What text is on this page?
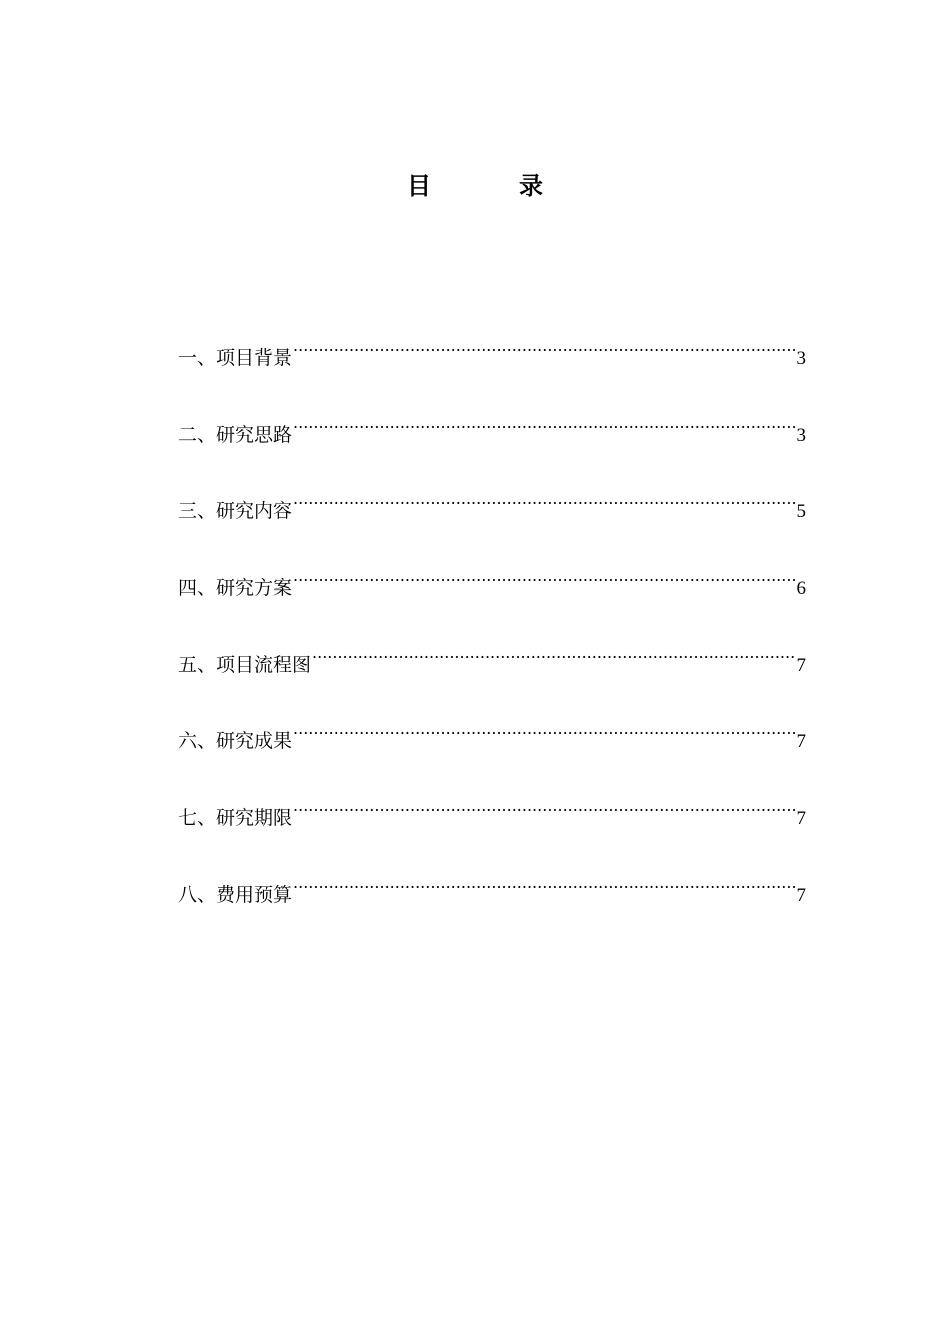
目	录
一、项目背景 .....	3
二、研究思路 .....	3
三、研究内容 .....	5
四、研究方案 .....	6
五、项目流程图 .....	7
六、研究成果 .....	7
七、研究期限 .....	7
八、费用预算 .....	7
